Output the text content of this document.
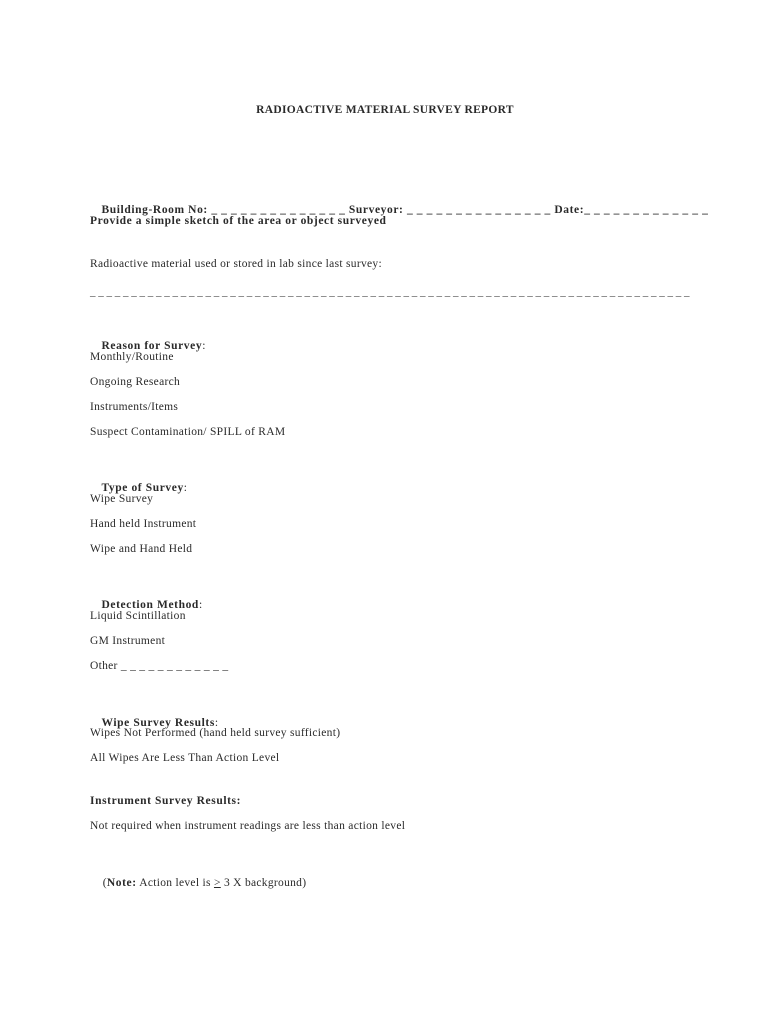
RADIOACTIVE MATERIAL SURVEY REPORT

Building-Room No: _ _ _ _ _ _ _ _ _ _ _ _ _ _ Surveyor: _ _ _ _ _ _ _ _ _ _ _ _ _ _ _ Date:_ _ _ _ _ _ _ _ _ _ _ _ _

Provide a simple sketch of the area or object surveyed
Radioactive material used or stored in lab since last survey:
_ _ _ _ _ _ _ _ _ _ _ _ _ _ _ _ _ _ _ _ _ _ _ _ _ _ _ _ _ _ _ _ _ _ _ _ _ _ _ _ _ _ _ _ _ _ _ _ _ _ _ _ _ _ _ _ _ _ _ _ _ _ _ _ _ _ _ _ _ _ _ _ _

Reason for Survey:

Monthly/Routine
Ongoing Research
Instruments/Items
Suspect Contamination/ SPILL of RAM

Type of Survey:

Wipe Survey
Hand held Instrument
Wipe and Hand Held

Detection Method:

Liquid Scintillation
GM Instrument
Other _ _ _ _ _ _ _ _ _ _ _ _

Wipe Survey Results:

Wipes Not Performed (hand held survey sufficient)
All Wipes Are Less Than Action Level
Instrument Survey Results:
Not required when instrument readings are less than action level

(Note: Action level is ≥ 3 X background)
